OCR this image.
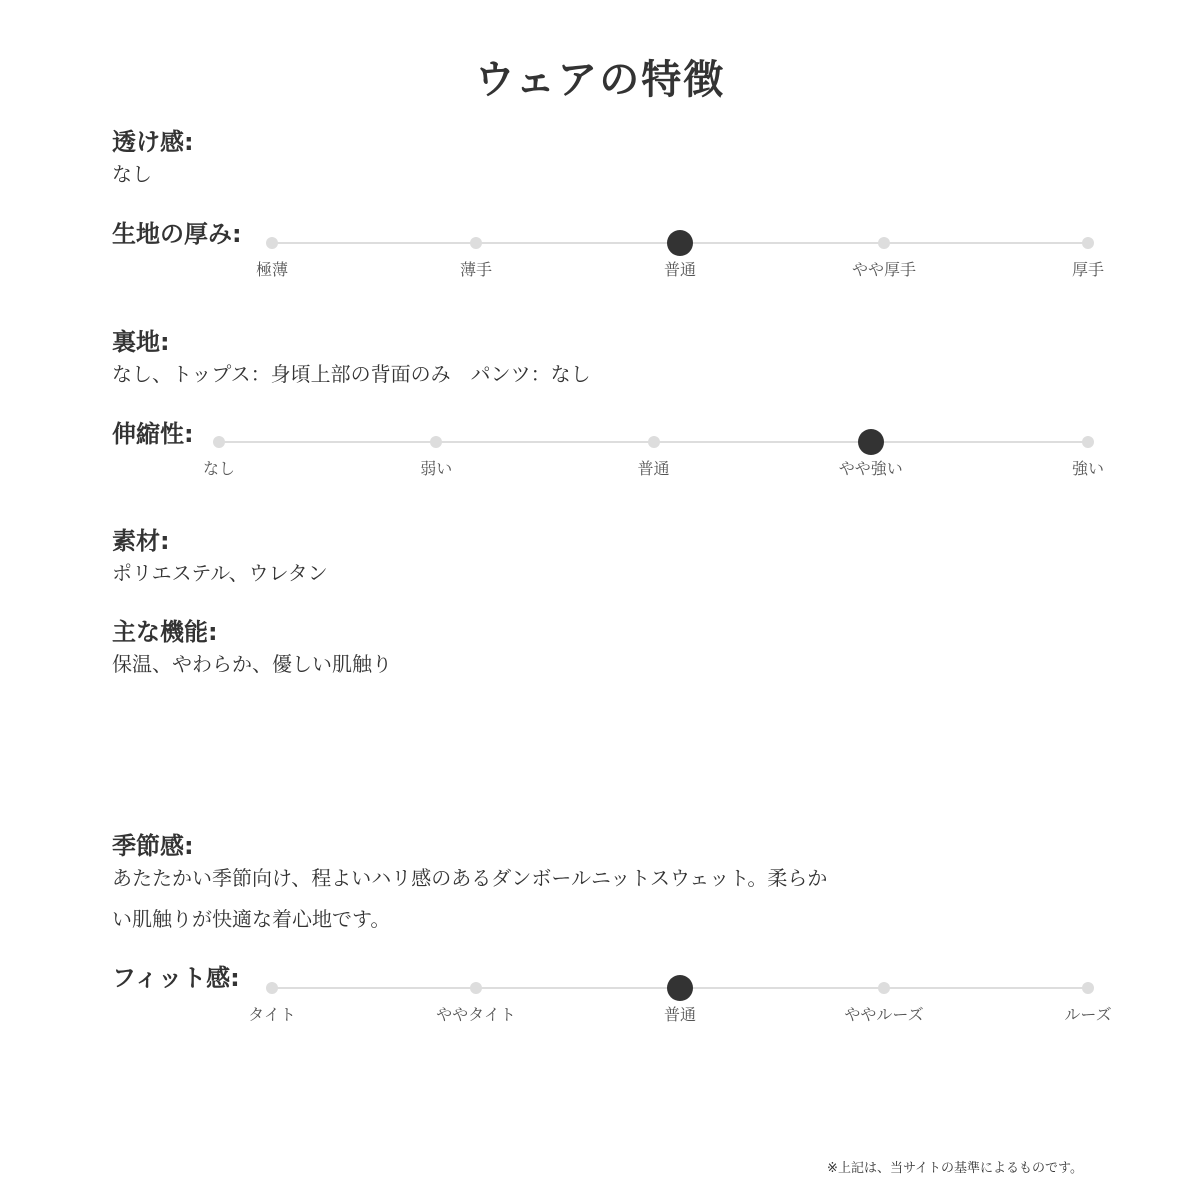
ウェアの特徴
透け感:
なし
生地の厚み:
極薄	薄手	普通	やや厚手	厚手
裏地:
なし、トップス：身頃上部の背面のみ　パンツ：なし
伸縮性:
なし	弱い	普通	やや強い	強い
素材:
ポリエステル、ウレタン
主な機能:
保温、やわらか、優しい肌触り
季節感:
あたたかい季節向け、程よいハリ感のあるダンボールニットスウェット。柔らか
い肌触りが快適な着心地です。
フィット感:
タイト	ややタイト	普通	ややルーズ	ルーズ
※上記は、当サイトの基準によるものです。
